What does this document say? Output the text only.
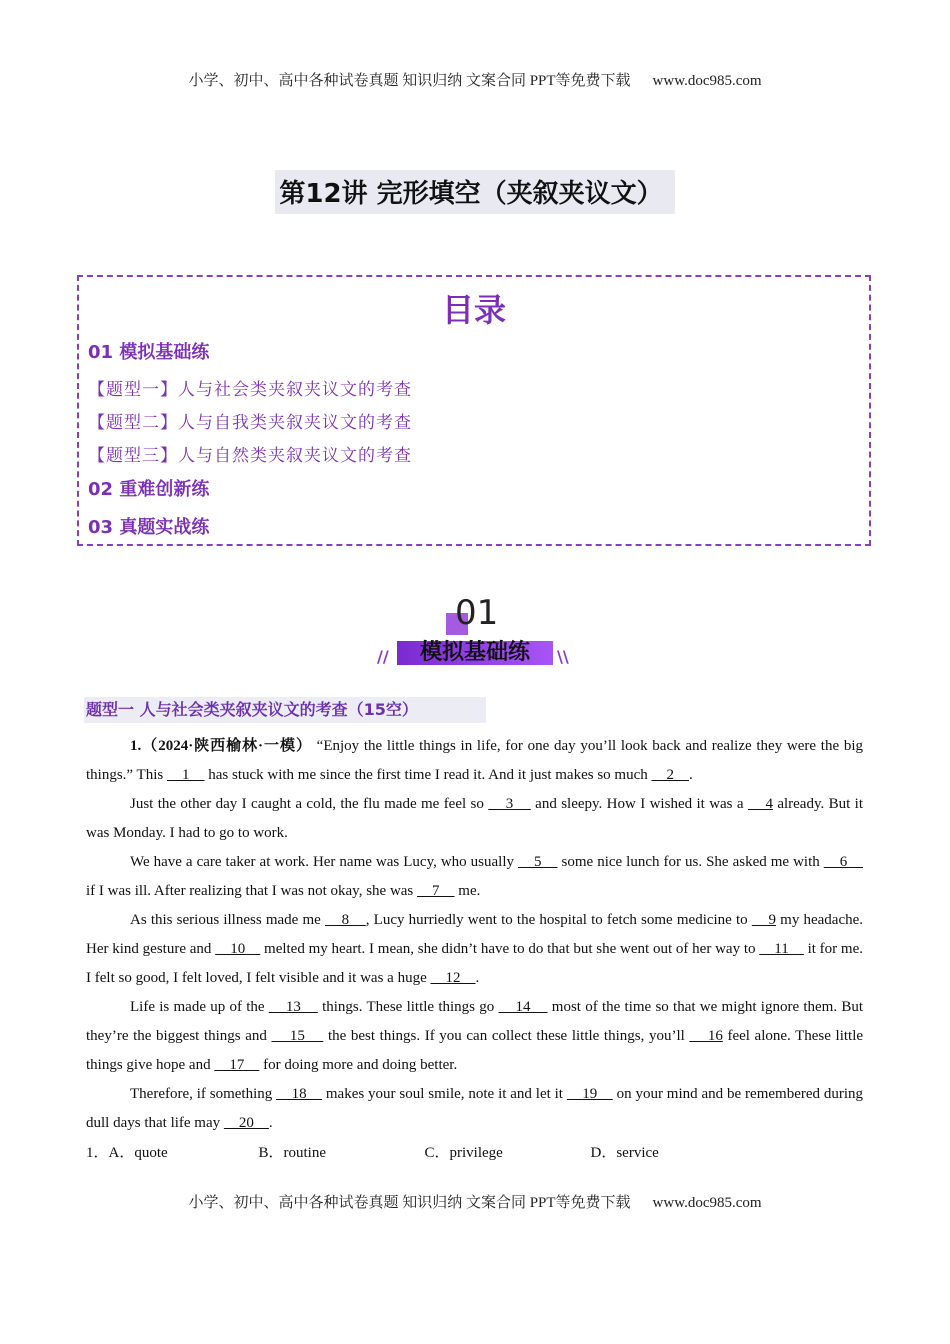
小学、初中、高中各种试卷真题 知识归纳 文案合同 PPT等免费下载 www.doc985.com
第12讲 完形填空（夹叙夹议文）
目录
01 模拟基础练
【题型一】人与社会类夹叙夹议文的考查
【题型二】人与自我类夹叙夹议文的考查
【题型三】人与自然类夹叙夹议文的考查
02 重难创新练
03 真题实战练
01
模拟基础练
//	\\
题型一 人与社会类夹叙夹议文的考查（15空）

1.（2024·陕西榆林·一模） “Enjoy the little things in life, for one day you’ll look back and realize they were the big things.” This     1     has stuck with me since the first time I read it. And it just makes so much     2    .

Just the other day I caught a cold, the flu made me feel so     3     and sleepy. How I wished it was a     4 already. But it was Monday. I had to go to work.

We have a care taker at work. Her name was Lucy, who usually     5     some nice lunch for us. She asked me with     6     if I was ill. After realizing that I was not okay, she was     7     me.

As this serious illness made me     8    , Lucy hurriedly went to the hospital to fetch some medicine to     9 my headache. Her kind gesture and     10     melted my heart. I mean, she didn’t have to do that but she went out of her way to     11     it for me. I felt so good, I felt loved, I felt visible and it was a huge     12    .

Life is made up of the     13     things. These little things go     14     most of the time so that we might ignore them. But they’re the biggest things and     15     the best things. If you can collect these little things, you’ll     16 feel alone. These little things give hope and     17     for doing more and doing better.

Therefore, if something     18     makes your soul smile, note it and let it     19     on your mind and be remembered during dull days that life may     20    .

1．A．quote	B．routine	C．privilege	D．service
小学、初中、高中各种试卷真题 知识归纳 文案合同 PPT等免费下载 www.doc985.com
